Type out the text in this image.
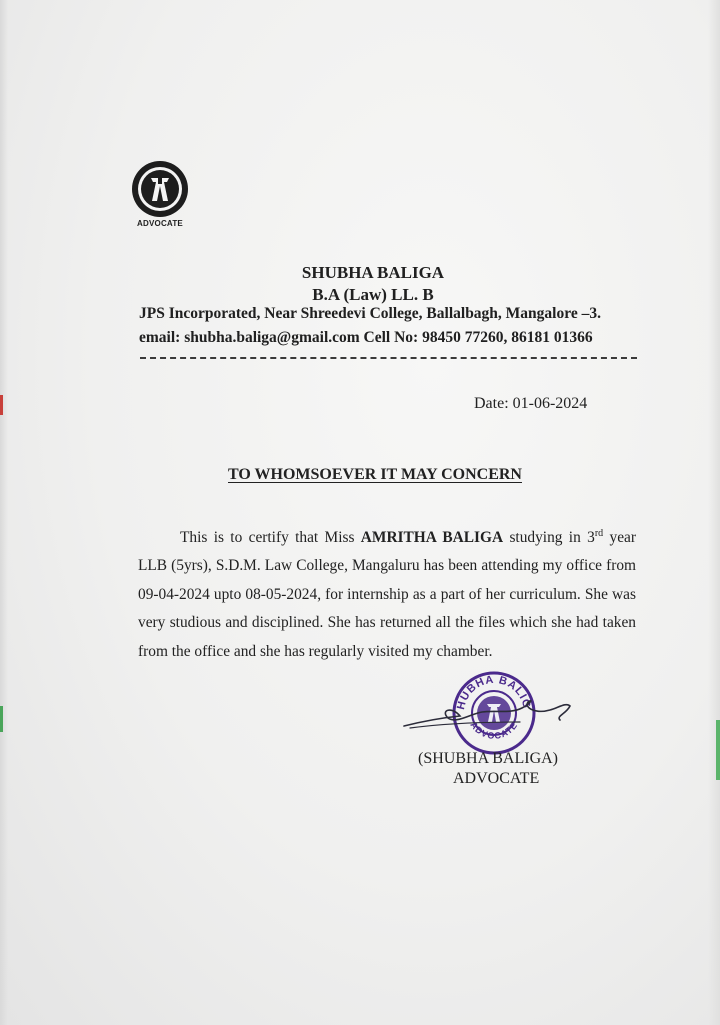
ADVOCATE
SHUBHA BALIGA
B.A (Law) LL. B
JPS Incorporated, Near Shreedevi College, Ballalbagh, Mangalore –3.
email: shubha.baliga@gmail.com Cell No: 98450 77260, 86181 01366
Date: 01-06-2024
TO WHOMSOEVER IT MAY CONCERN
This is to certify that Miss AMRITHA BALIGA studying in 3rd year LLB (5yrs), S.D.M. Law College, Mangaluru has been attending my office from 09-04-2024 upto 08-05-2024, for internship as a part of her curriculum. She was very studious and disciplined. She has returned all the files which she had taken from the office and she has regularly visited my chamber.
HUBHA BALIG
ADVOCATE
(SHUBHA BALIGA)
ADVOCATE
